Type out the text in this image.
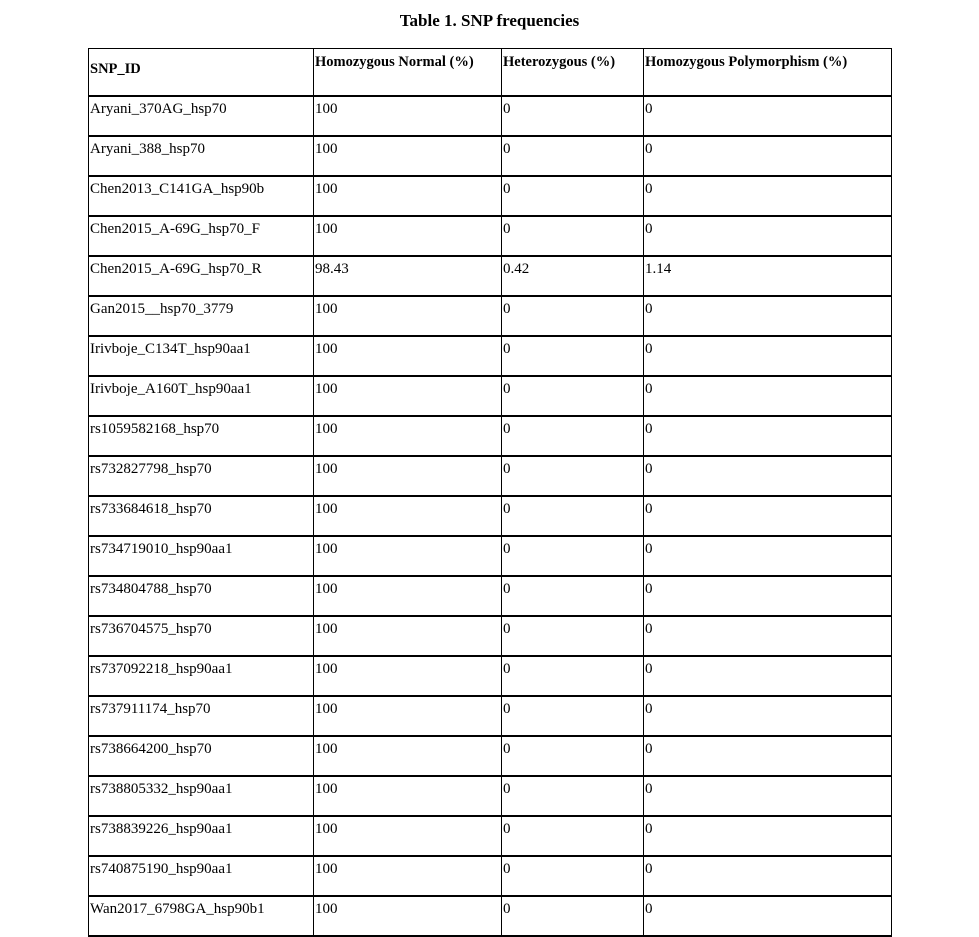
Table 1. SNP frequencies
SNP_ID	Homozygous Normal (%)	Heterozygous (%)	Homozygous Polymorphism (%)
Aryani_370AG_hsp70	100	0	0
Aryani_388_hsp70	100	0	0
Chen2013_C141GA_hsp90b	100	0	0
Chen2015_A-69G_hsp70_F	100	0	0
Chen2015_A-69G_hsp70_R	98.43	0.42	1.14
Gan2015__hsp70_3779	100	0	0
Irivboje_C134T_hsp90aa1	100	0	0
Irivboje_A160T_hsp90aa1	100	0	0
rs1059582168_hsp70	100	0	0
rs732827798_hsp70	100	0	0
rs733684618_hsp70	100	0	0
rs734719010_hsp90aa1	100	0	0
rs734804788_hsp70	100	0	0
rs736704575_hsp70	100	0	0
rs737092218_hsp90aa1	100	0	0
rs737911174_hsp70	100	0	0
rs738664200_hsp70	100	0	0
rs738805332_hsp90aa1	100	0	0
rs738839226_hsp90aa1	100	0	0
rs740875190_hsp90aa1	100	0	0
Wan2017_6798GA_hsp90b1	100	0	0
